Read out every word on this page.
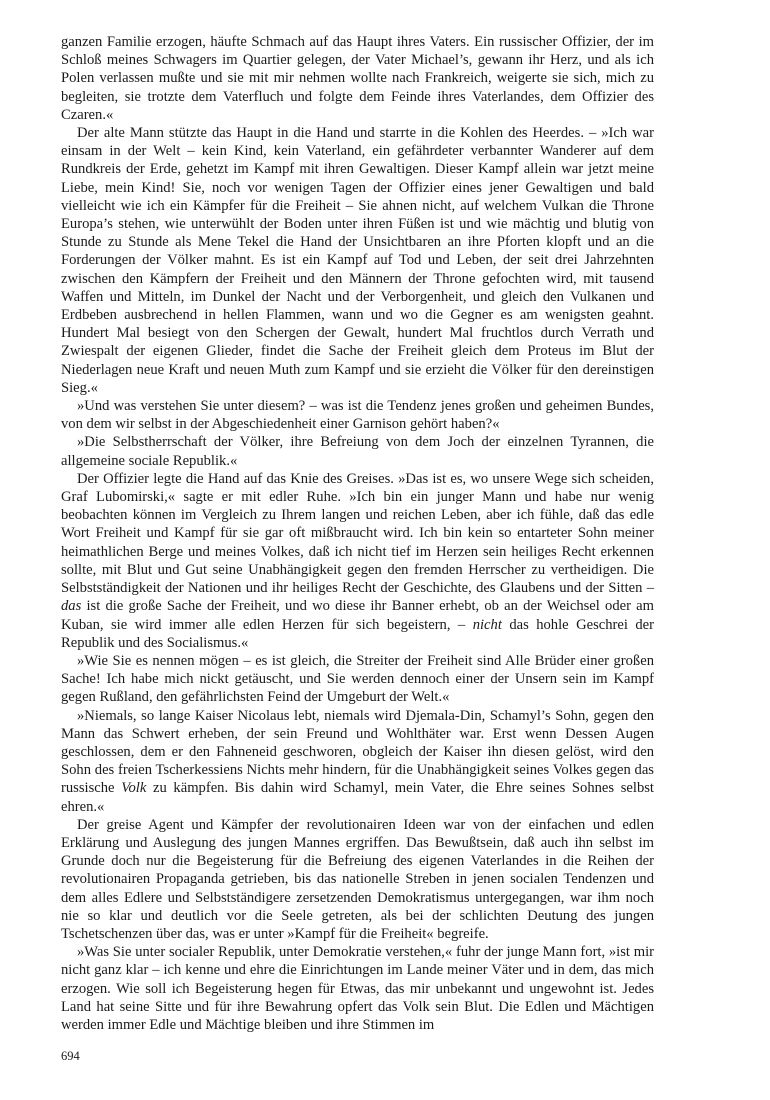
ganzen Familie erzogen, häufte Schmach auf das Haupt ihres Vaters. Ein russischer Offizier, der im Schloß meines Schwagers im Quartier gelegen, der Vater Michael’s, gewann ihr Herz, und als ich Polen verlassen mußte und sie mit mir nehmen wollte nach Frankreich, weigerte sie sich, mich zu begleiten, sie trotzte dem Vaterfluch und folgte dem Feinde ihres Vaterlandes, dem Offizier des Czaren.«

Der alte Mann stützte das Haupt in die Hand und starrte in die Kohlen des Heerdes. – »Ich war einsam in der Welt – kein Kind, kein Vaterland, ein gefährdeter verbannter Wanderer auf dem Rundkreis der Erde, gehetzt im Kampf mit ihren Gewaltigen. Dieser Kampf allein war jetzt meine Liebe, mein Kind! Sie, noch vor wenigen Tagen der Offizier eines jener Gewaltigen und bald vielleicht wie ich ein Kämpfer für die Freiheit – Sie ahnen nicht, auf welchem Vulkan die Throne Europa’s stehen, wie unterwühlt der Boden unter ihren Füßen ist und wie mächtig und blutig von Stunde zu Stunde als Mene Tekel die Hand der Unsichtbaren an ihre Pforten klopft und an die Forderungen der Völker mahnt. Es ist ein Kampf auf Tod und Leben, der seit drei Jahrzehnten zwischen den Kämpfern der Freiheit und den Männern der Throne gefochten wird, mit tausend Waffen und Mitteln, im Dunkel der Nacht und der Verborgenheit, und gleich den Vulkanen und Erdbeben ausbrechend in hellen Flammen, wann und wo die Gegner es am wenigsten geahnt. Hundert Mal besiegt von den Schergen der Gewalt, hundert Mal fruchtlos durch Verrath und Zwiespalt der eigenen Glieder, findet die Sache der Freiheit gleich dem Proteus im Blut der Niederlagen neue Kraft und neuen Muth zum Kampf und sie erzieht die Völker für den dereinstigen Sieg.«

»Und was verstehen Sie unter diesem? – was ist die Tendenz jenes großen und geheimen Bundes, von dem wir selbst in der Abgeschiedenheit einer Garnison gehört haben?«

»Die Selbstherrschaft der Völker, ihre Befreiung von dem Joch der einzelnen Tyrannen, die allgemeine sociale Republik.«

Der Offizier legte die Hand auf das Knie des Greises. »Das ist es, wo unsere Wege sich scheiden, Graf Lubomirski,« sagte er mit edler Ruhe. »Ich bin ein junger Mann und habe nur wenig beobachten können im Vergleich zu Ihrem langen und reichen Leben, aber ich fühle, daß das edle Wort Freiheit und Kampf für sie gar oft mißbraucht wird. Ich bin kein so entarteter Sohn meiner heimathlichen Berge und meines Volkes, daß ich nicht tief im Herzen sein heiliges Recht erkennen sollte, mit Blut und Gut seine Unabhängigkeit gegen den fremden Herrscher zu vertheidigen. Die Selbstständigkeit der Nationen und ihr heiliges Recht der Geschichte, des Glaubens und der Sitten – das ist die große Sache der Freiheit, und wo diese ihr Banner erhebt, ob an der Weichsel oder am Kuban, sie wird immer alle edlen Herzen für sich begeistern, – nicht das hohle Geschrei der Republik und des Socialismus.«

»Wie Sie es nennen mögen – es ist gleich, die Streiter der Freiheit sind Alle Brüder einer großen Sache! Ich habe mich nickt getäuscht, und Sie werden dennoch einer der Unsern sein im Kampf gegen Rußland, den gefährlichsten Feind der Umgeburt der Welt.«

»Niemals, so lange Kaiser Nicolaus lebt, niemals wird Djemala-Din, Schamyl’s Sohn, gegen den Mann das Schwert erheben, der sein Freund und Wohlthäter war. Erst wenn Dessen Augen geschlossen, dem er den Fahneneid geschworen, obgleich der Kaiser ihn diesen gelöst, wird den Sohn des freien Tscherkessiens Nichts mehr hindern, für die Unabhängigkeit seines Volkes gegen das russische Volk zu kämpfen. Bis dahin wird Schamyl, mein Vater, die Ehre seines Sohnes selbst ehren.«

Der greise Agent und Kämpfer der revolutionairen Ideen war von der einfachen und edlen Erklärung und Auslegung des jungen Mannes ergriffen. Das Bewußtsein, daß auch ihn selbst im Grunde doch nur die Begeisterung für die Befreiung des eigenen Vaterlandes in die Reihen der revolutionairen Propaganda getrieben, bis das nationelle Streben in jenen socialen Tendenzen und dem alles Edlere und Selbstständigere zersetzenden Demokratismus untergegangen, war ihm noch nie so klar und deutlich vor die Seele getreten, als bei der schlichten Deutung des jungen Tschetschenzen über das, was er unter »Kampf für die Freiheit« begreife.

»Was Sie unter socialer Republik, unter Demokratie verstehen,« fuhr der junge Mann fort, »ist mir nicht ganz klar – ich kenne und ehre die Einrichtungen im Lande meiner Väter und in dem, das mich erzogen. Wie soll ich Begeisterung hegen für Etwas, das mir unbekannt und ungewohnt ist. Jedes Land hat seine Sitte und für ihre Bewahrung opfert das Volk sein Blut. Die Edlen und Mächtigen werden immer Edle und Mächtige bleiben und ihre Stimmen im

694
